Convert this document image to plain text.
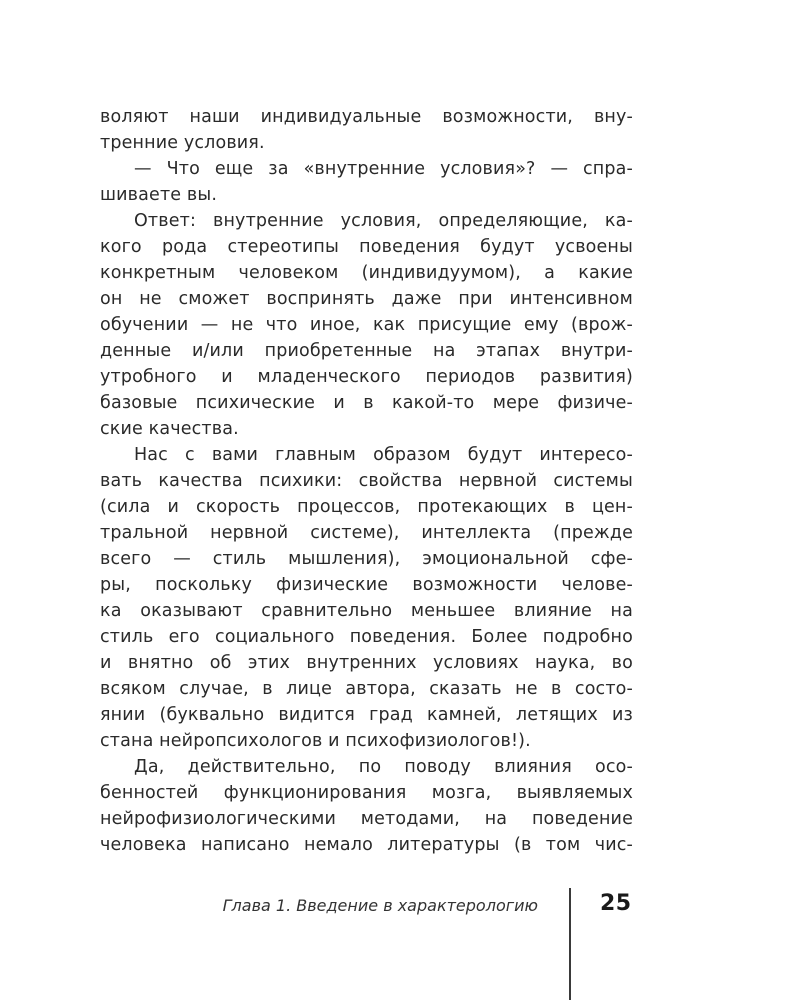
воляют наши индивидуальные возможности, вну-
тренние условия.
— Что еще за «внутренние условия»? — спра-
шиваете вы.
Ответ: внутренние условия, определяющие, ка-
кого рода стереотипы поведения будут усвоены
конкретным человеком (индивидуумом), а какие
он не сможет воспринять даже при интенсивном
обучении — не что иное, как присущие ему (врож-
денные и/или приобретенные на этапах внутри-
утробного и младенческого периодов развития)
базовые психические и в какой-то мере физиче-
ские качества.
Нас с вами главным образом будут интересо-
вать качества психики: свойства нервной системы
(сила и скорость процессов, протекающих в цен-
тральной нервной системе), интеллекта (прежде
всего — стиль мышления), эмоциональной сфе-
ры, поскольку физические возможности челове-
ка оказывают сравнительно меньшее влияние на
стиль его социального поведения. Более подробно
и внятно об этих внутренних условиях наука, во
всяком случае, в лице автора, сказать не в состо-
янии (буквально видится град камней, летящих из
стана нейропсихологов и психофизиологов!).
Да, действительно, по поводу влияния осо-
бенностей функционирования мозга, выявляемых
нейрофизиологическими методами, на поведение
человека написано немало литературы (в том чис-
Глава 1. Введение в характерологию	25
